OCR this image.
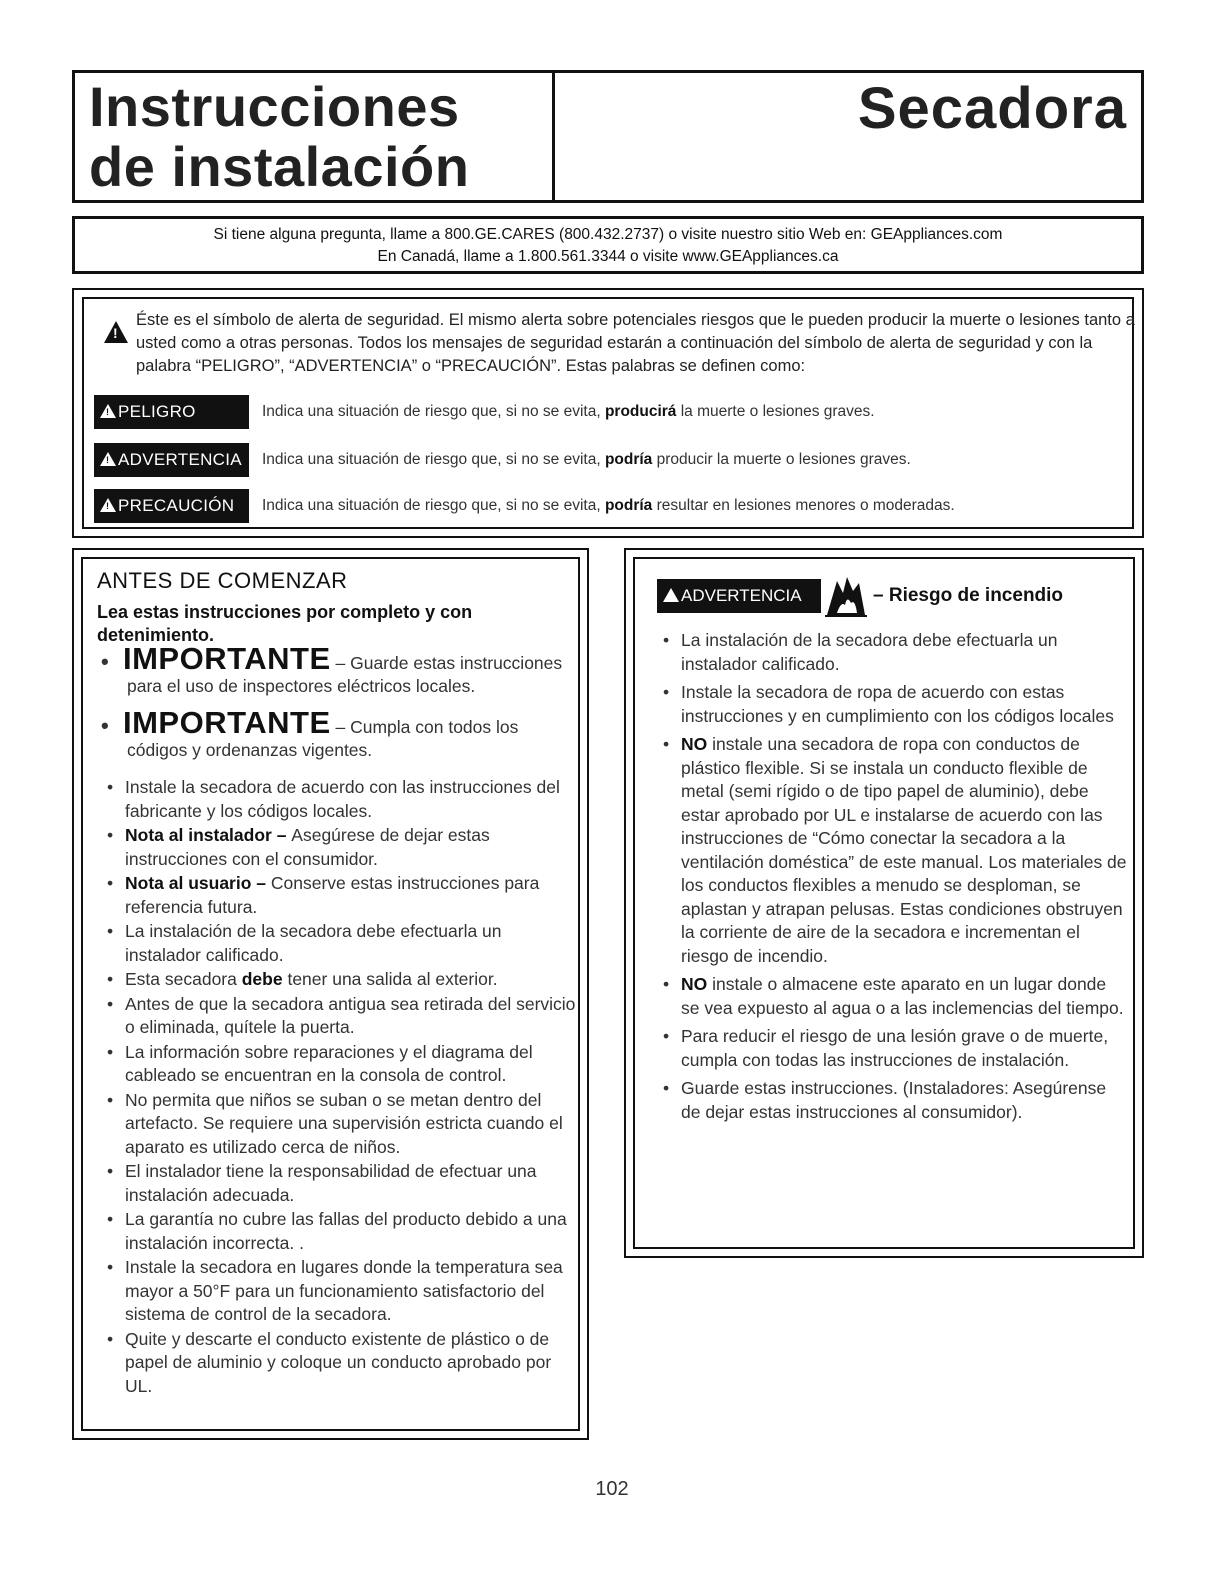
Instrucciones
de instalación
Secadora
Si tiene alguna pregunta, llame a 800.GE.CARES (800.432.2737) o visite nuestro sitio Web en: GEAppliances.com
En Canadá, llame a 1.800.561.3344 o visite www.GEAppliances.ca
!
Éste es el símbolo de alerta de seguridad. El mismo alerta sobre potenciales riesgos que le pueden producir la muerte o lesiones tanto a usted como a otras personas. Todos los mensajes de seguridad estarán a continuación del símbolo de alerta de seguridad y con la palabra “PELIGRO”, “ADVERTENCIA” o “PRECAUCIÓN”. Estas palabras se definen como:
!PELIGRO	Indica una situación de riesgo que, si no se evita, producirá la muerte o lesiones graves.
!ADVERTENCIA	Indica una situación de riesgo que, si no se evita, podría producir la muerte o lesiones graves.
!PRECAUCIÓN	Indica una situación de riesgo que, si no se evita, podría resultar en lesiones menores o moderadas.
ANTES DE COMENZAR
Lea estas instrucciones por completo y con detenimiento.
• IMPORTANTE – Guarde estas instrucciones
para el uso de inspectores eléctricos locales.
• IMPORTANTE – Cumpla con todos los
códigos y ordenanzas vigentes.
• Instale la secadora de acuerdo con las instrucciones del fabricante y los códigos locales.
• Nota al instalador – Asegúrese de dejar estas instrucciones con el consumidor.
• Nota al usuario – Conserve estas instrucciones para referencia futura.
• La instalación de la secadora debe efectuarla un instalador calificado.
• Esta secadora debe tener una salida al exterior.
• Antes de que la secadora antigua sea retirada del servicio o eliminada, quítele la puerta.
• La información sobre reparaciones y el diagrama del cableado se encuentran en la consola de control.
• No permita que niños se suban o se metan dentro del artefacto. Se requiere una supervisión estricta cuando el aparato es utilizado cerca de niños.
• El instalador tiene la responsabilidad de efectuar una instalación adecuada.
• La garantía no cubre las fallas del producto debido a una instalación incorrecta. .
• Instale la secadora en lugares donde la temperatura sea mayor a 50°F para un funcionamiento satisfactorio del sistema de control de la secadora.
• Quite y descarte el conducto existente de plástico o de papel de aluminio y coloque un conducto aprobado por UL.
ADVERTENCIA	– Riesgo de incendio
• La instalación de la secadora debe efectuarla un instalador calificado.
• Instale la secadora de ropa de acuerdo con estas instrucciones y en cumplimiento con los códigos locales
• NO instale una secadora de ropa con conductos de plástico flexible. Si se instala un conducto flexible de metal (semi rígido o de tipo papel de aluminio), debe estar aprobado por UL e instalarse de acuerdo con las instrucciones de “Cómo conectar la secadora a la ventilación doméstica” de este manual. Los materiales de los conductos flexibles a menudo se desploman, se aplastan y atrapan pelusas. Estas condiciones obstruyen la corriente de aire de la secadora e incrementan el riesgo de incendio.
• NO instale o almacene este aparato en un lugar donde se vea expuesto al agua o a las inclemencias del tiempo.
• Para reducir el riesgo de una lesión grave o de muerte, cumpla con todas las instrucciones de instalación.
• Guarde estas instrucciones. (Instaladores: Asegúrense de dejar estas instrucciones al consumidor).
102
